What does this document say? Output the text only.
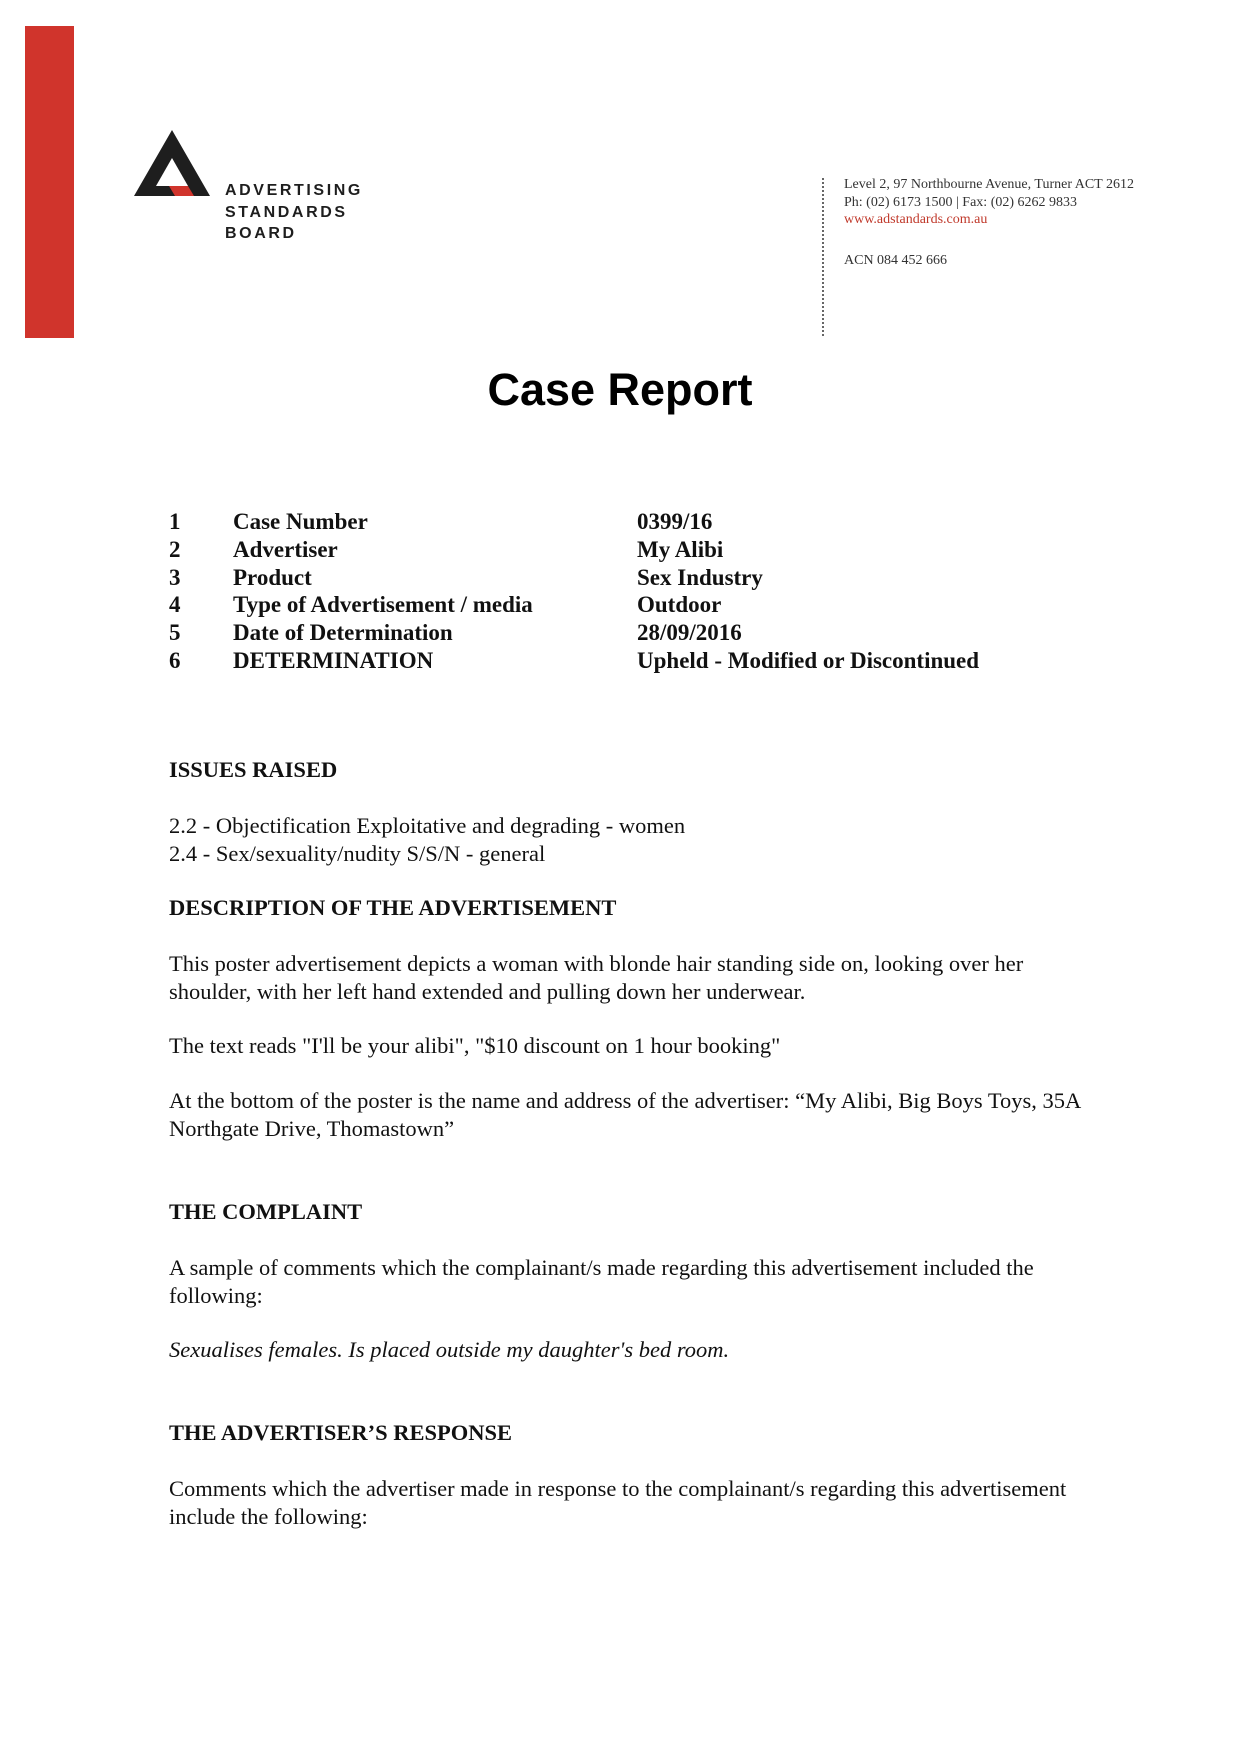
ADVERTISING
STANDARDS
BOARD
Level 2, 97 Northbourne Avenue, Turner ACT 2612
Ph: (02) 6173 1500 | Fax: (02) 6262 9833
www.adstandards.com.au
ACN 084 452 666
Case Report
1 Case Number	0399/16
2 Advertiser	My Alibi
3 Product	Sex Industry
4 Type of Advertisement / media	Outdoor
5 Date of Determination	28/09/2016
6 DETERMINATION	Upheld - Modified or Discontinued
ISSUES RAISED

2.2 - Objectification Exploitative and degrading - women

2.4 - Sex/sexuality/nudity S/S/N - general

DESCRIPTION OF THE ADVERTISEMENT

This poster advertisement depicts a woman with blonde hair standing side on, looking over her shoulder, with her left hand extended and pulling down her underwear.

The text reads "I'll be your alibi", "$10 discount on 1 hour booking"

At the bottom of the poster is the name and address of the advertiser: “My Alibi, Big Boys Toys, 35A Northgate Drive, Thomastown”

THE COMPLAINT

A sample of comments which the complainant/s made regarding this advertisement included the following:

Sexualises females. Is placed outside my daughter's bed room.

THE ADVERTISER’S RESPONSE

Comments which the advertiser made in response to the complainant/s regarding this advertisement include the following:
